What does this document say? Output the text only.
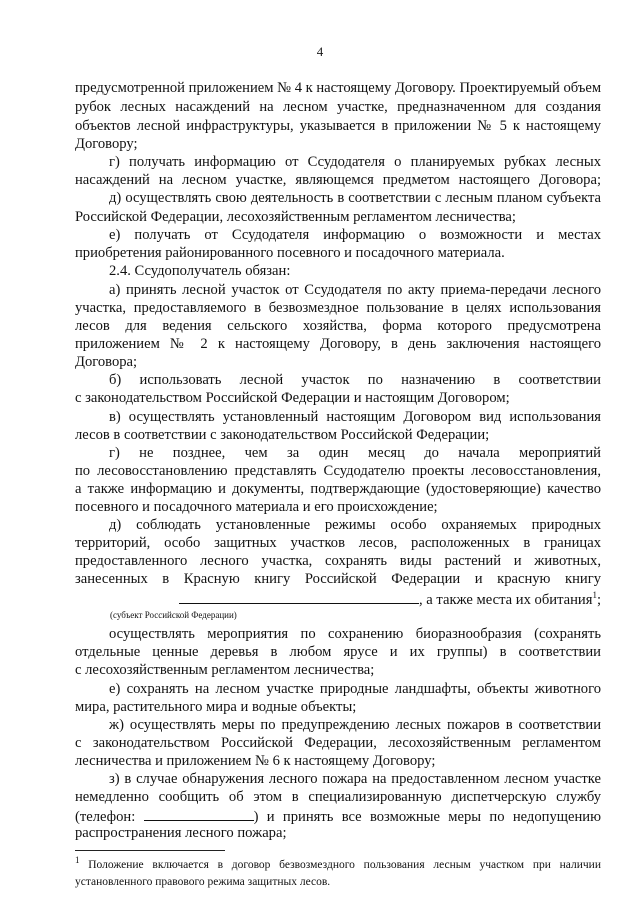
4
предусмотренной приложением № 4 к настоящему Договору. Проектируемый объем
рубок лесных насаждений на лесном участке, предназначенном для создания
объектов лесной инфраструктуры, указывается в приложении № 5 к настоящему
Договору;
г) получать информацию от Ссудодателя о планируемых рубках лесных
насаждений на лесном участке, являющемся предметом настоящего Договора;
д) осуществлять свою деятельность в соответствии с лесным планом субъекта
Российской Федерации, лесохозяйственным регламентом лесничества;
е) получать от Ссудодателя информацию о возможности и местах
приобретения районированного посевного и посадочного материала.
2.4. Ссудополучатель обязан:
а) принять лесной участок от Ссудодателя по акту приема-передачи лесного
участка, предоставляемого в безвозмездное пользование в целях использования
лесов для ведения сельского хозяйства, форма которого предусмотрена
приложением № 2 к настоящему Договору, в день заключения настоящего
Договора;
б) использовать лесной участок по назначению в соответствии
с законодательством Российской Федерации и настоящим Договором;
в) осуществлять установленный настоящим Договором вид использования
лесов в соответствии с законодательством Российской Федерации;
г) не позднее, чем за один месяц до начала мероприятий
по лесовосстановлению представлять Ссудодателю проекты лесовосстановления,
а также информацию и документы, подтверждающие (удостоверяющие) качество
посевного и посадочного материала и его происхождение;
д) соблюдать установленные режимы особо охраняемых природных
территорий, особо защитных участков лесов, расположенных в границах
предоставленного лесного участка, сохранять виды растений и животных,
занесенных в Красную книгу Российской Федерации и красную книгу
, а также места их обитания$^1$;
(субъект Российской Федерации)
осуществлять мероприятия по сохранению биоразнообразия (сохранять
отдельные ценные деревья в любом ярусе и их группы) в соответствии
с лесохозяйственным регламентом лесничества;
е) сохранять на лесном участке природные ландшафты, объекты животного
мира, растительного мира и водные объекты;
ж) осуществлять меры по предупреждению лесных пожаров в соответствии
с законодательством Российской Федерации, лесохозяйственным регламентом
лесничества и приложением № 6 к настоящему Договору;
з) в случае обнаружения лесного пожара на предоставленном лесном участке
немедленно сообщить об этом в специализированную диспетчерскую службу
(телефон:	) и принять все возможные меры по недопущению
распространения лесного пожара;
$^1$ Положение включается в договор безвозмездного пользования лесным участком при наличии
установленного правового режима защитных лесов.
